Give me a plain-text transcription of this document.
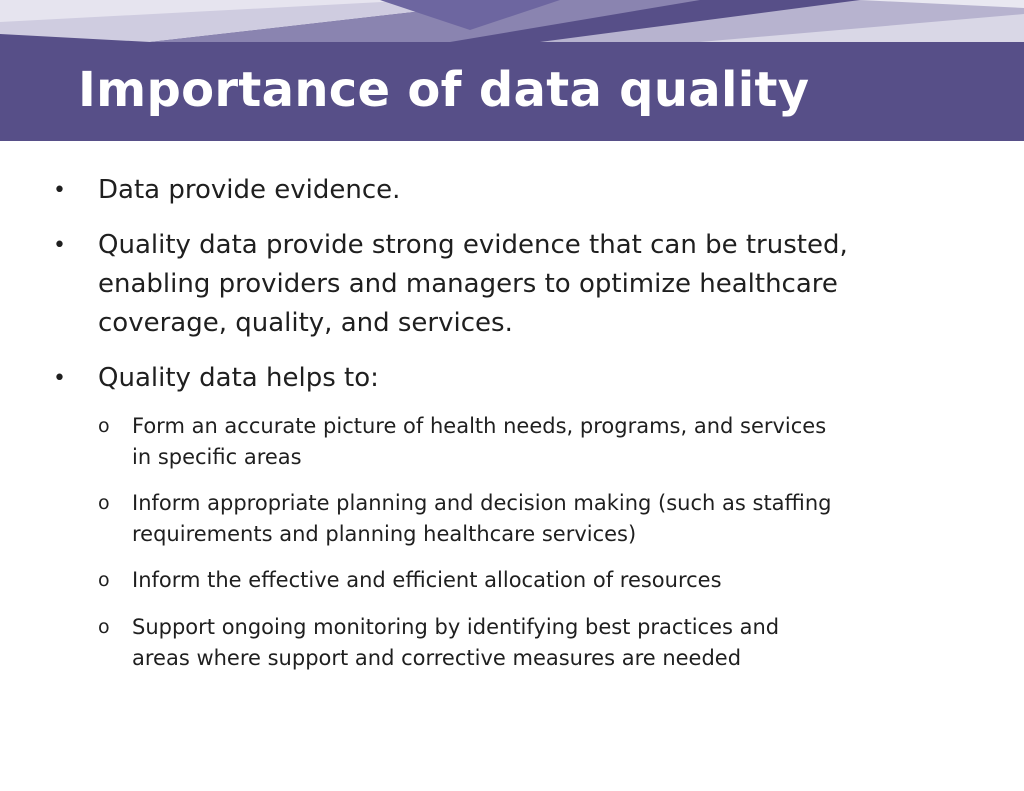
Importance of data quality
• Data provide evidence.

• Quality data provide strong evidence that can be trusted,
enabling providers and managers to optimize healthcare
coverage, quality, and services.

• Quality data helps to:

o Form an accurate picture of health needs, programs, and services
in specific areas

o Inform appropriate planning and decision making (such as staffing
requirements and planning healthcare services)

o Inform the effective and efficient allocation of resources

o Support ongoing monitoring by identifying best practices and
areas where support and corrective measures are needed
